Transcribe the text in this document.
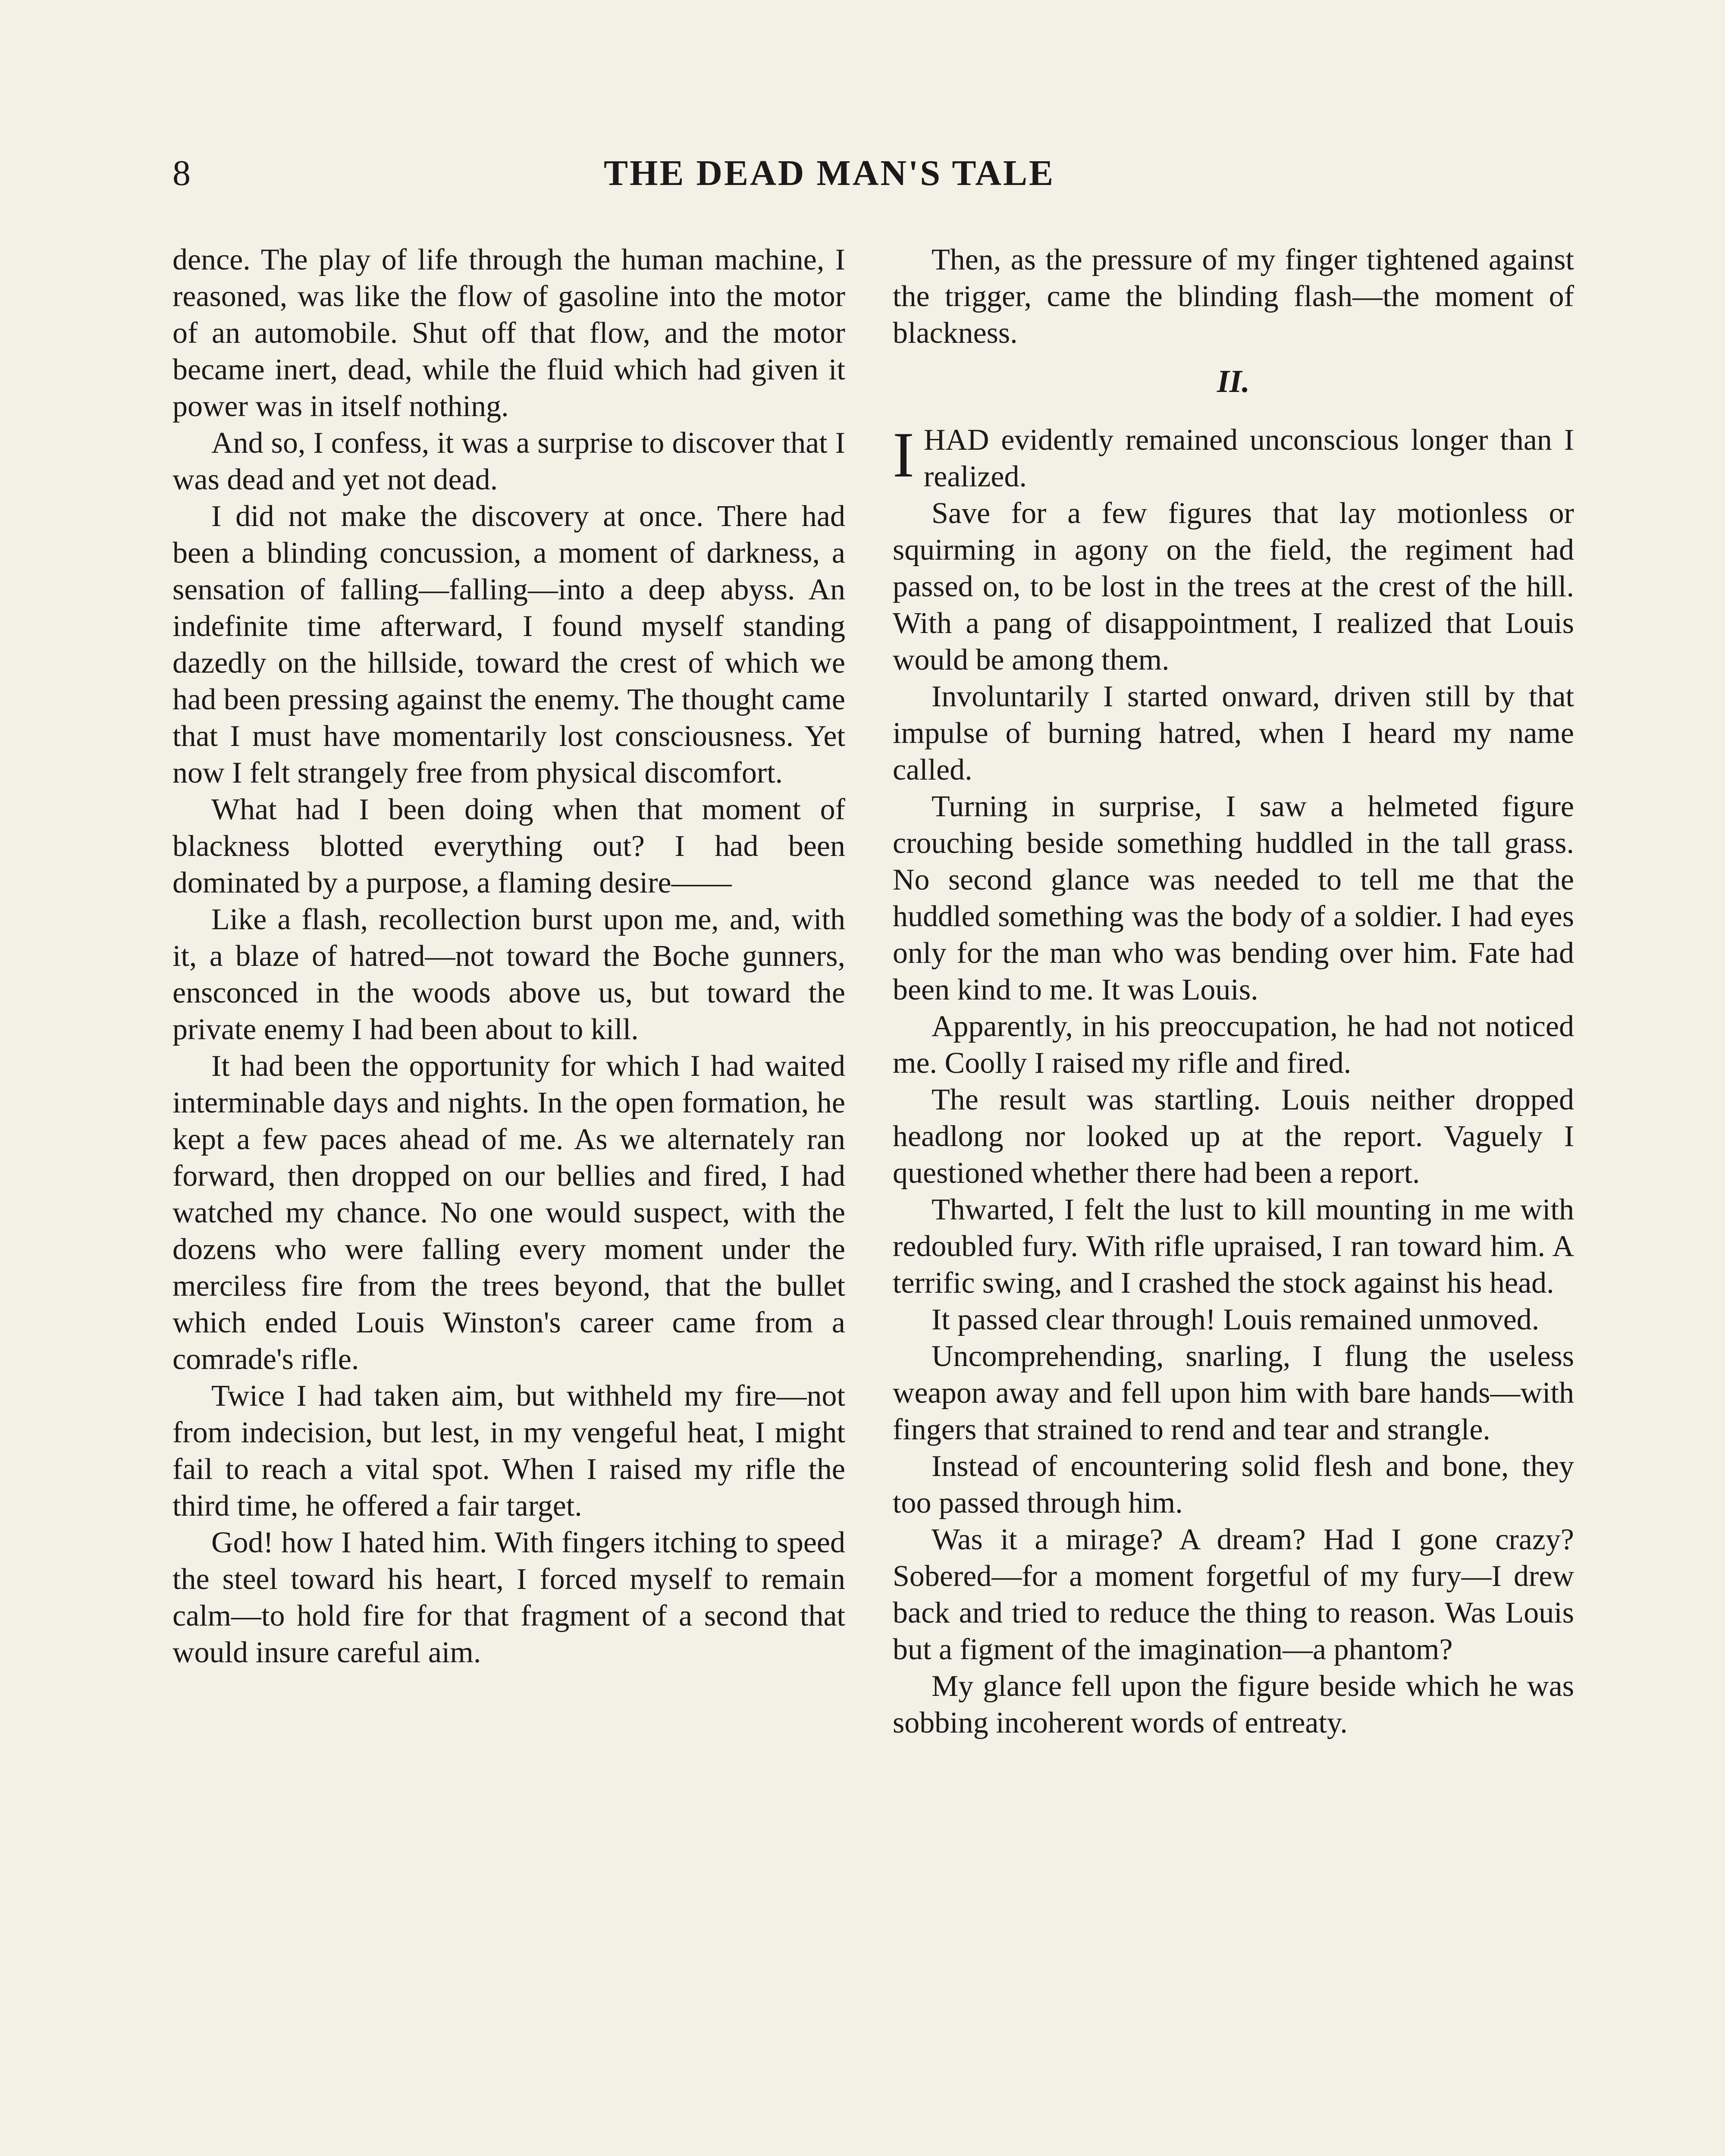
8	THE DEAD MAN'S TALE

dence. The play of life through the human machine, I reasoned, was like the flow of gasoline into the motor of an automobile. Shut off that flow, and the motor became inert, dead, while the fluid which had given it power was in itself nothing.

And so, I confess, it was a surprise to discover that I was dead and yet not dead.

I did not make the discovery at once. There had been a blinding concussion, a moment of darkness, a sensation of falling—falling—into a deep abyss. An indefinite time afterward, I found myself standing dazedly on the hillside, toward the crest of which we had been pressing against the enemy. The thought came that I must have momentarily lost consciousness. Yet now I felt strangely free from physical discomfort.

What had I been doing when that moment of blackness blotted everything out? I had been dominated by a purpose, a flaming desire——

Like a flash, recollection burst upon me, and, with it, a blaze of hatred—not toward the Boche gunners, ensconced in the woods above us, but toward the private enemy I had been about to kill.

It had been the opportunity for which I had waited interminable days and nights. In the open formation, he kept a few paces ahead of me. As we alternately ran forward, then dropped on our bellies and fired, I had watched my chance. No one would suspect, with the dozens who were falling every moment under the merciless fire from the trees beyond, that the bullet which ended Louis Winston's career came from a comrade's rifle.

Twice I had taken aim, but withheld my fire—not from indecision, but lest, in my vengeful heat, I might fail to reach a vital spot. When I raised my rifle the third time, he offered a fair target.

God! how I hated him. With fingers itching to speed the steel toward his heart, I forced myself to remain calm—to hold fire for that fragment of a second that would insure careful aim.

Then, as the pressure of my finger tightened against the trigger, came the blinding flash—the moment of blackness.

II.

IHAD evidently remained unconscious longer than I realized.

Save for a few figures that lay motionless or squirming in agony on the field, the regiment had passed on, to be lost in the trees at the crest of the hill. With a pang of disappointment, I realized that Louis would be among them.

Involuntarily I started onward, driven still by that impulse of burning hatred, when I heard my name called.

Turning in surprise, I saw a helmeted figure crouching beside something huddled in the tall grass. No second glance was needed to tell me that the huddled something was the body of a soldier. I had eyes only for the man who was bending over him. Fate had been kind to me. It was Louis.

Apparently, in his preoccupation, he had not noticed me. Coolly I raised my rifle and fired.

The result was startling. Louis neither dropped headlong nor looked up at the report. Vaguely I questioned whether there had been a report.

Thwarted, I felt the lust to kill mounting in me with redoubled fury. With rifle upraised, I ran toward him. A terrific swing, and I crashed the stock against his head.

It passed clear through! Louis remained unmoved.

Uncomprehending, snarling, I flung the useless weapon away and fell upon him with bare hands—with fingers that strained to rend and tear and strangle.

Instead of encountering solid flesh and bone, they too passed through him.

Was it a mirage? A dream? Had I gone crazy? Sobered—for a moment forgetful of my fury—I drew back and tried to reduce the thing to reason. Was Louis but a figment of the imagination—a phantom?

My glance fell upon the figure beside which he was sobbing incoherent words of entreaty.
